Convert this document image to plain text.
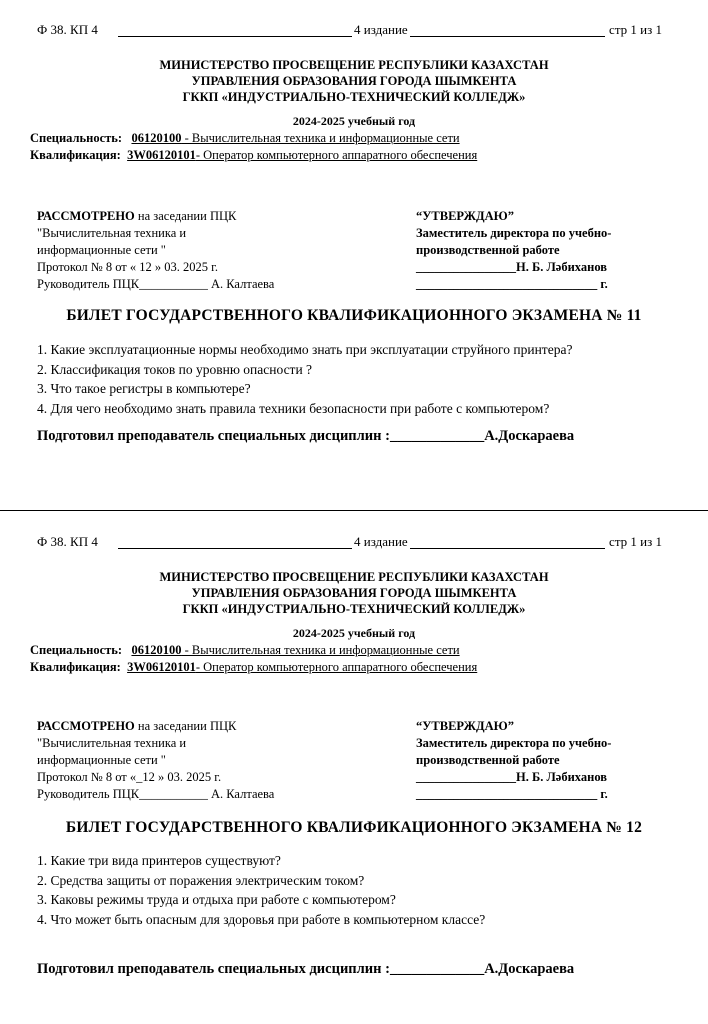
Ф 38. КП 4	4 издание	стр 1 из 1
МИНИСТЕРСТВО ПРОСВЕЩЕНИЕ РЕСПУБЛИКИ КАЗАХСТАН
УПРАВЛЕНИЯ ОБРАЗОВАНИЯ ГОРОДА ШЫМКЕНТА
ГККП «ИНДУСТРИАЛЬНО-ТЕХНИЧЕСКИЙ КОЛЛЕДЖ»
2024-2025 учебный год
Специальность: 06120100 - Вычислительная техника и информационные сети
Квалификация: 3W06120101- Оператор компьютерного аппаратного обеспечения
РАССМОТРЕНО на заседании ПЦК
"Вычислительная техника и
информационные сети "
Протокол № 8 от « 12 » 03. 2025 г.
Руководитель ПЦК___________ А. Калтаева
“УТВЕРЖДАЮ”
Заместитель директора по учебно-
производственной работе
________________Н. Б. Ләбиханов
_____________________________ г.
БИЛЕТ ГОСУДАРСТВЕННОГО КВАЛИФИКАЦИОННОГО ЭКЗАМЕНА № 11
1. Какие эксплуатационные нормы необходимо знать при эксплуатации струйного принтера?
2. Классификация токов по уровню опасности ?
3. Что такое регистры в компьютере?
4. Для чего необходимо знать правила техники безопасности при работе с компьютером?
Подготовил преподаватель специальных дисциплин :_____________А.Доскараева
Ф 38. КП 4	4 издание	стр 1 из 1
МИНИСТЕРСТВО ПРОСВЕЩЕНИЕ РЕСПУБЛИКИ КАЗАХСТАН
УПРАВЛЕНИЯ ОБРАЗОВАНИЯ ГОРОДА ШЫМКЕНТА
ГККП «ИНДУСТРИАЛЬНО-ТЕХНИЧЕСКИЙ КОЛЛЕДЖ»
2024-2025 учебный год
Специальность: 06120100 - Вычислительная техника и информационные сети
Квалификация: 3W06120101- Оператор компьютерного аппаратного обеспечения
РАССМОТРЕНО на заседании ПЦК
"Вычислительная техника и
информационные сети "
Протокол № 8 от «_12 » 03. 2025 г.
Руководитель ПЦК___________ А. Калтаева
“УТВЕРЖДАЮ”
Заместитель директора по учебно-
производственной работе
________________Н. Б. Ләбиханов
_____________________________ г.
БИЛЕТ ГОСУДАРСТВЕННОГО КВАЛИФИКАЦИОННОГО ЭКЗАМЕНА № 12
1. Какие три вида принтеров существуют?
2. Средства защиты от поражения электрическим током?
3. Каковы режимы труда и отдыха при работе с компьютером?
4. Что может быть опасным для здоровья при работе в компьютерном классе?
Подготовил преподаватель специальных дисциплин :_____________А.Доскараева
